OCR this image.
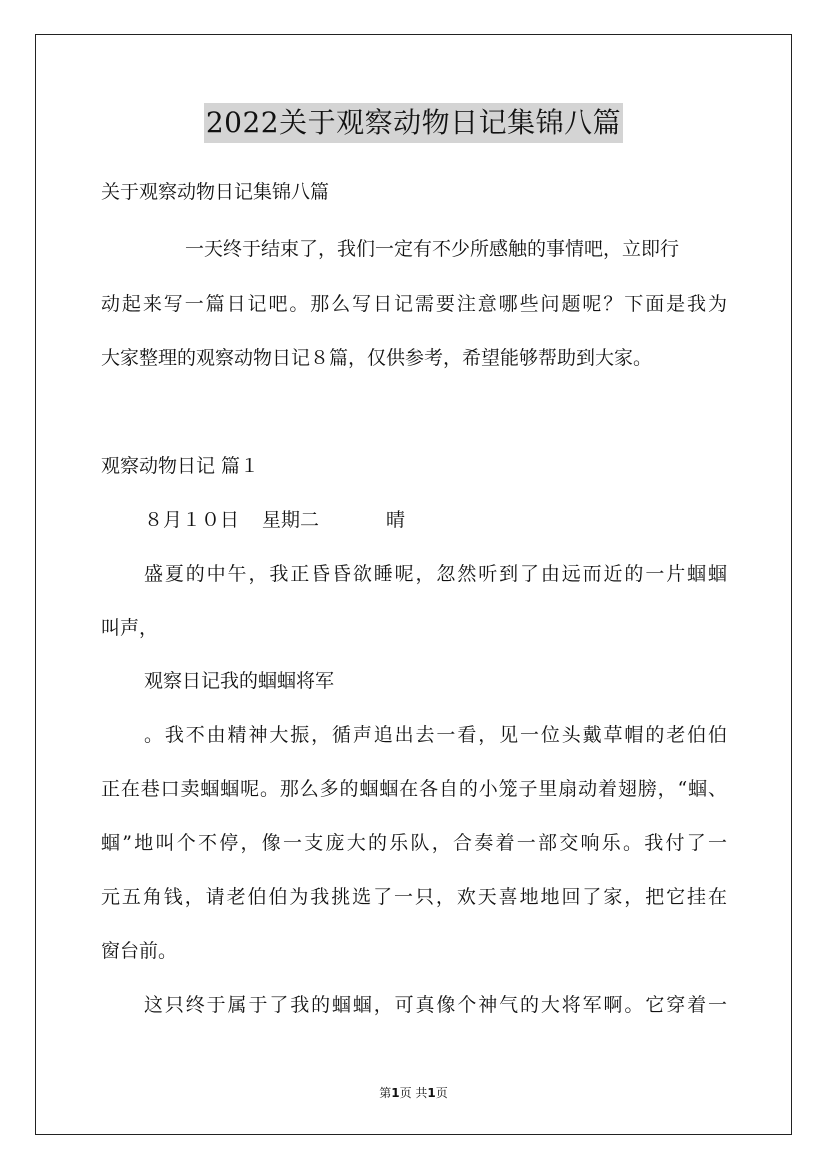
2022关于观察动物日记集锦八篇
关于观察动物日记集锦八篇
一天终于结束了，我们一定有不少所感触的事情吧，立即行
动起来写一篇日记吧。那么写日记需要注意哪些问题呢？下面是我为
大家整理的观察动物日记８篇，仅供参考，希望能够帮助到大家。
观察动物日记 篇１
８月１０日 星期二	晴
盛夏的中午，我正昏昏欲睡呢，忽然听到了由远而近的一片蝈蝈
叫声，
观察日记我的蝈蝈将军
。我不由精神大振，循声追出去一看，见一位头戴草帽的老伯伯
正在巷口卖蝈蝈呢。那么多的蝈蝈在各自的小笼子里扇动着翅膀，“蝈、
蝈”地叫个不停，像一支庞大的乐队，合奏着一部交响乐。我付了一
元五角钱，请老伯伯为我挑选了一只，欢天喜地地回了家，把它挂在
窗台前。
这只终于属于了我的蝈蝈，可真像个神气的大将军啊。它穿着一
第1页 共1页
